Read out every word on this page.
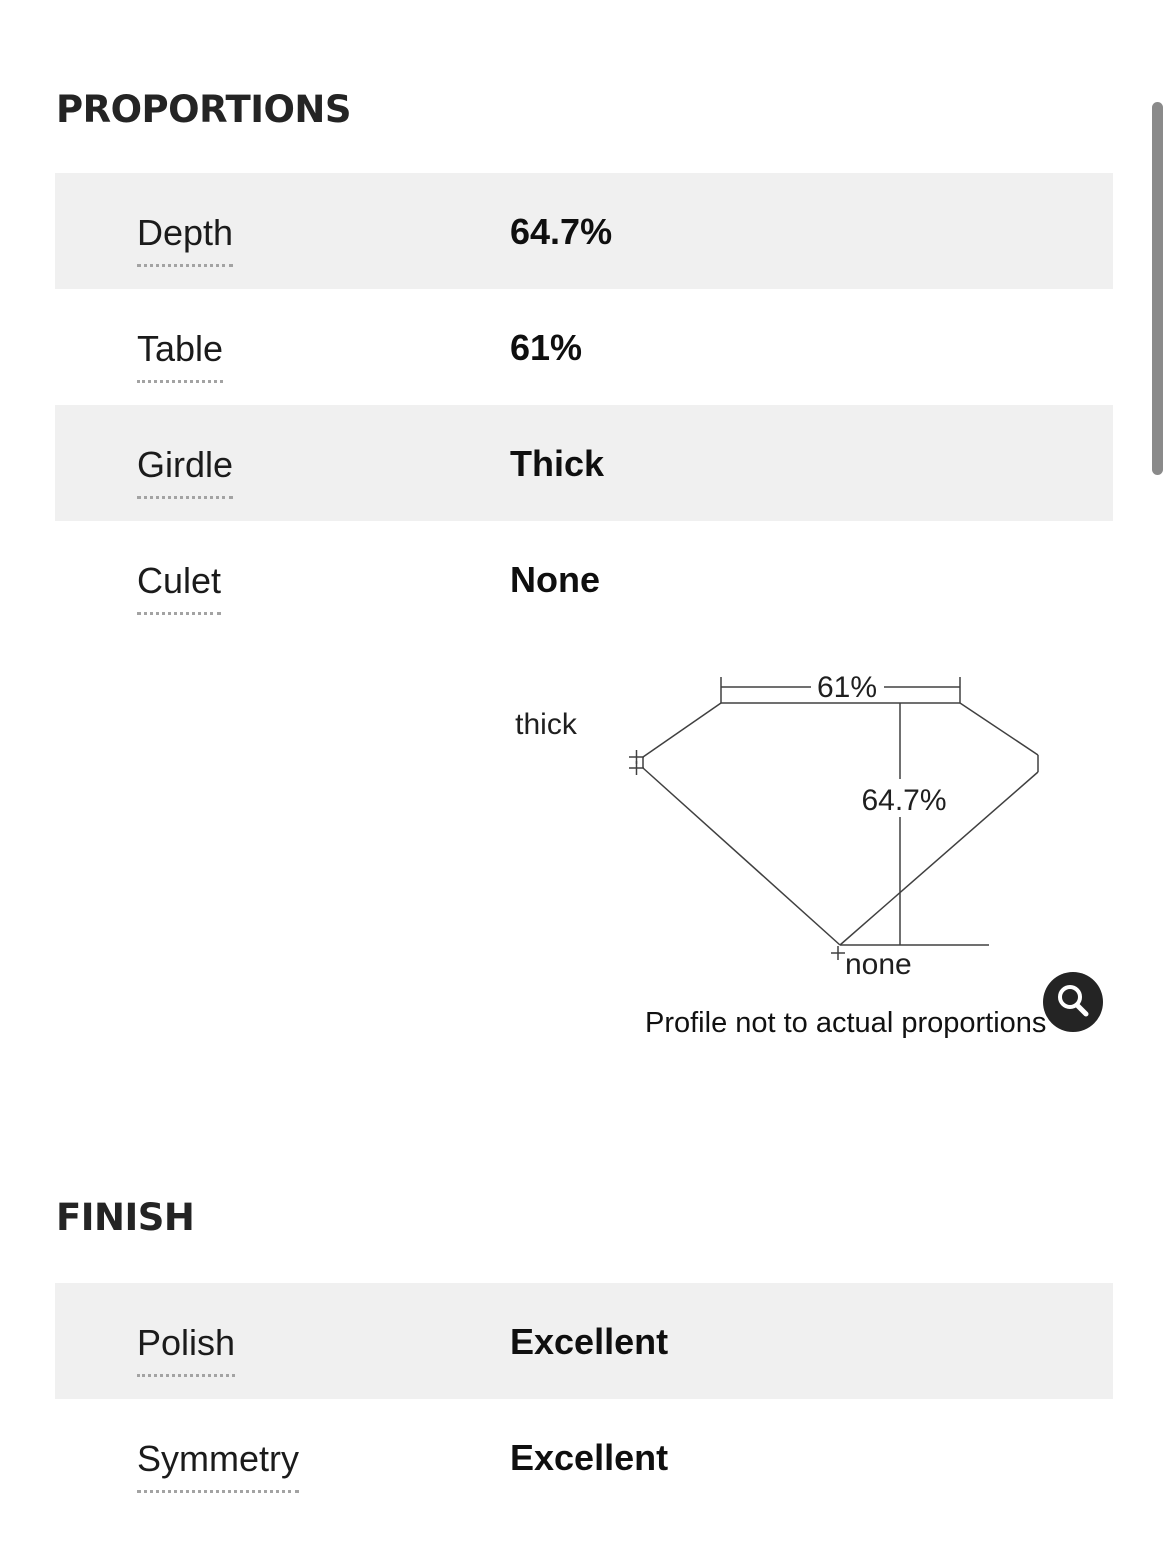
PROPORTIONS
Depth	64.7%
Table	61%
Girdle	Thick
Culet	None
61%
64.7%
none
thick
Profile not to actual proportions
FINISH
Polish	Excellent
Symmetry	Excellent
